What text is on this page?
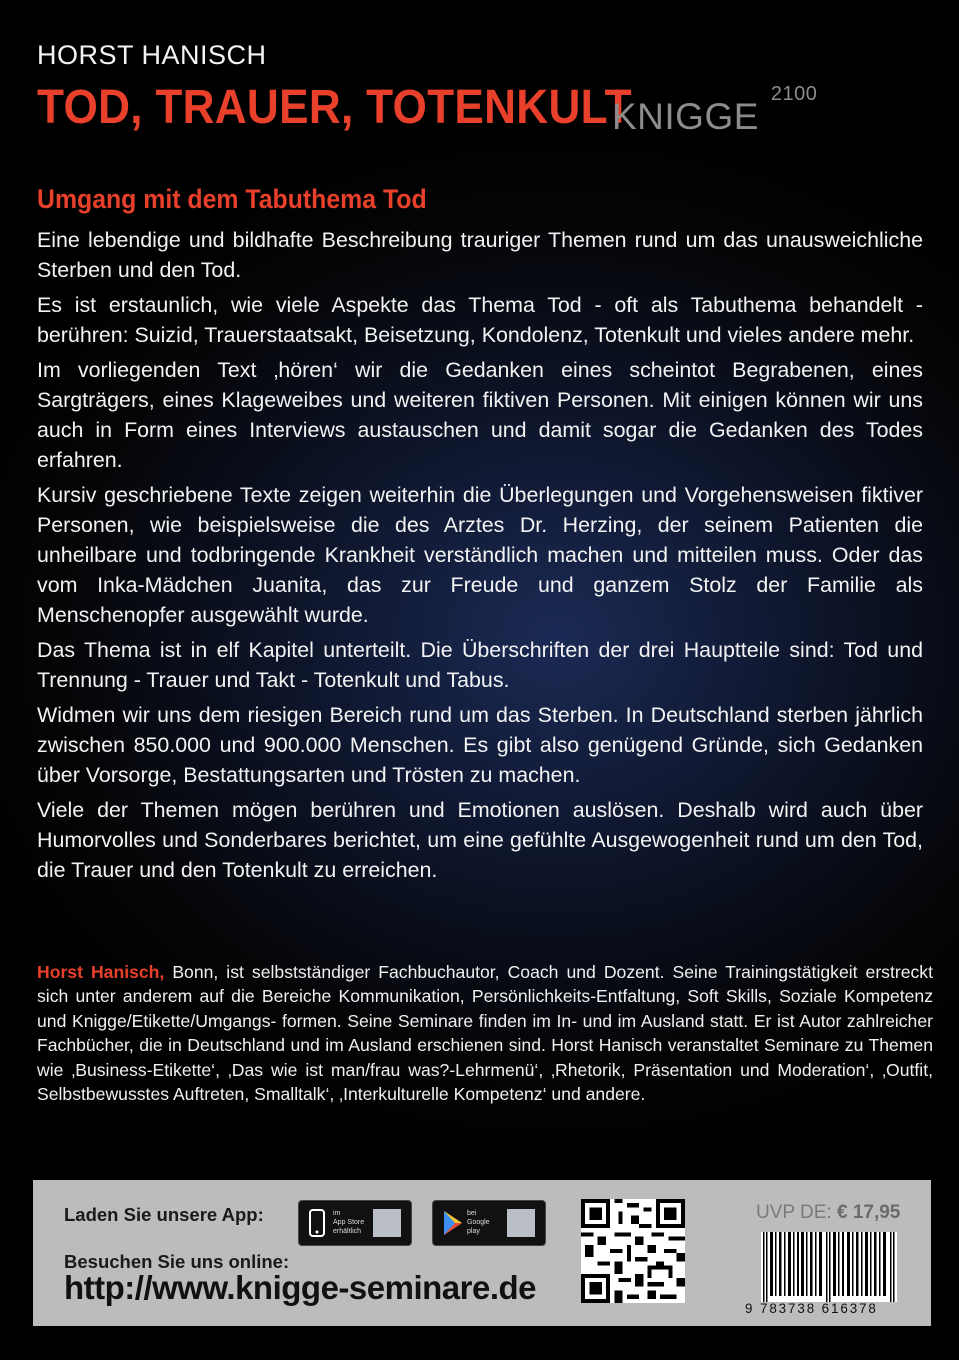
HORST HANISCH
TOD, TRAUER, TOTENKULT
$KNIGGE^{2100}$
Umgang mit dem Tabuthema Tod

Eine lebendige und bildhafte Beschreibung trauriger Themen rund um das unausweichliche Sterben und den Tod.

Es ist erstaunlich, wie viele Aspekte das Thema Tod - oft als Tabuthema behandelt - berühren: Suizid, Trauerstaatsakt, Beisetzung, Kondolenz, Totenkult und vieles andere mehr.

Im vorliegenden Text ‚hören‘ wir die Gedanken eines scheintot Begrabenen, eines Sargträgers, eines Klageweibes und weiteren fiktiven Personen. Mit einigen können wir uns auch in Form eines Interviews austauschen und damit sogar die Gedanken des Todes erfahren.

Kursiv geschriebene Texte zeigen weiterhin die Überlegungen und Vorgehensweisen fiktiver Personen, wie beispielsweise die des Arztes Dr. Herzing, der seinem Patienten die unheilbare und todbringende Krankheit verständlich machen und mitteilen muss. Oder das vom Inka-Mädchen Juanita, das zur Freude und ganzem Stolz der Familie als Menschenopfer ausgewählt wurde.

Das Thema ist in elf Kapitel unterteilt. Die Überschriften der drei Hauptteile sind: Tod und Trennung - Trauer und Takt - Totenkult und Tabus.

Widmen wir uns dem riesigen Bereich rund um das Sterben. In Deutschland sterben jährlich zwischen 850.000 und 900.000 Menschen. Es gibt also genügend Gründe, sich Gedanken über Vorsorge, Bestattungsarten und Trösten zu machen.

Viele der Themen mögen berühren und Emotionen auslösen. Deshalb wird auch über Humorvolles und Sonderbares berichtet, um eine gefühlte Ausgewogenheit rund um den Tod, die Trauer und den Totenkult zu erreichen.

Horst Hanisch, Bonn, ist selbstständiger Fachbuchautor, Coach und Dozent. Seine Trainingstätigkeit erstreckt sich unter anderem auf die Bereiche Kommunikation, Persönlichkeits-Entfaltung, Soft Skills, Soziale Kompetenz und Knigge/Etikette/Umgangs- formen. Seine Seminare finden im In- und im Ausland statt. Er ist Autor zahlreicher Fachbücher, die in Deutschland und im Ausland erschienen sind. Horst Hanisch veranstaltet Seminare zu Themen wie ‚Business-Etikette‘, ‚Das wie ist man/frau was?-Lehrmenü‘, ‚Rhetorik, Präsentation und Moderation‘, ‚Outfit, Selbstbewusstes Auftreten, Smalltalk‘, ‚Interkulturelle Kompetenz‘ und andere.
Laden Sie unsere App:	im
App Store
erhältlich
bei
Google
play
Besuchen Sie uns online:
http://www.knigge-seminare.de
UVP DE: € 17,95
9 783738 616378
